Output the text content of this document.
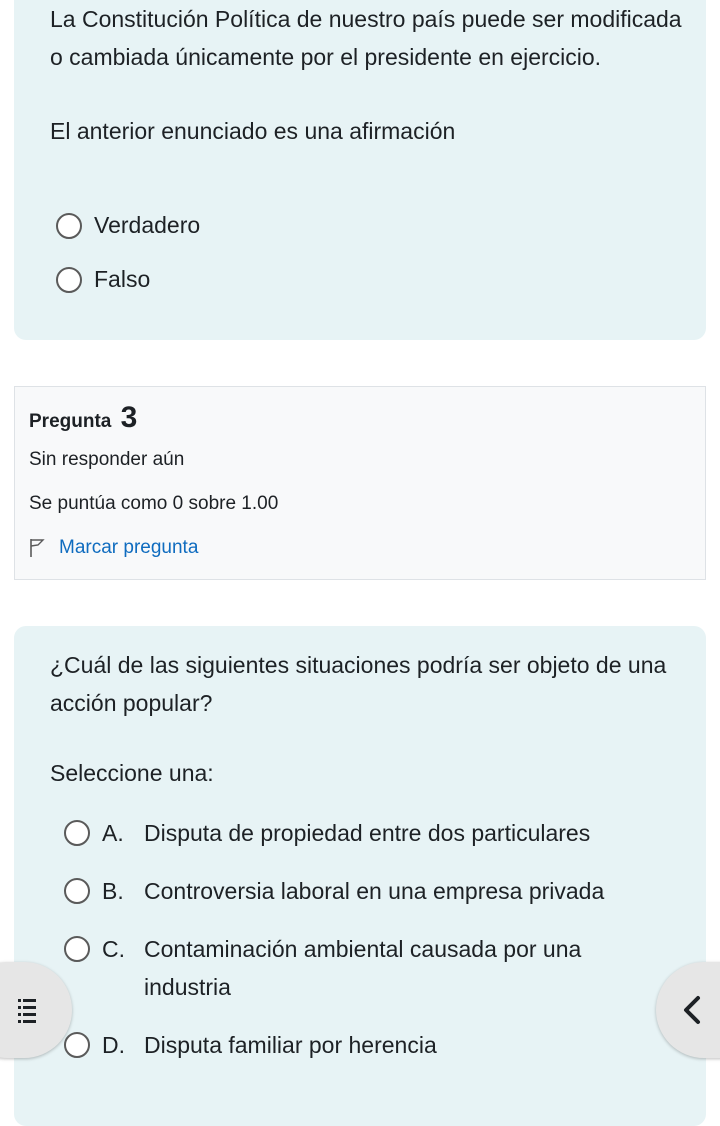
La Constitución Política de nuestro país puede ser modificada o cambiada únicamente por el presidente en ejercicio.
El anterior enunciado es una afirmación
Verdadero
Falso
Pregunta 3
Sin responder aún
Se puntúa como 0 sobre 1.00
Marcar pregunta
¿Cuál de las siguientes situaciones podría ser objeto de una acción popular?
Seleccione una:
A. Disputa de propiedad entre dos particulares
B. Controversia laboral en una empresa privada
C. Contaminación ambiental causada por una industria
D. Disputa familiar por herencia
